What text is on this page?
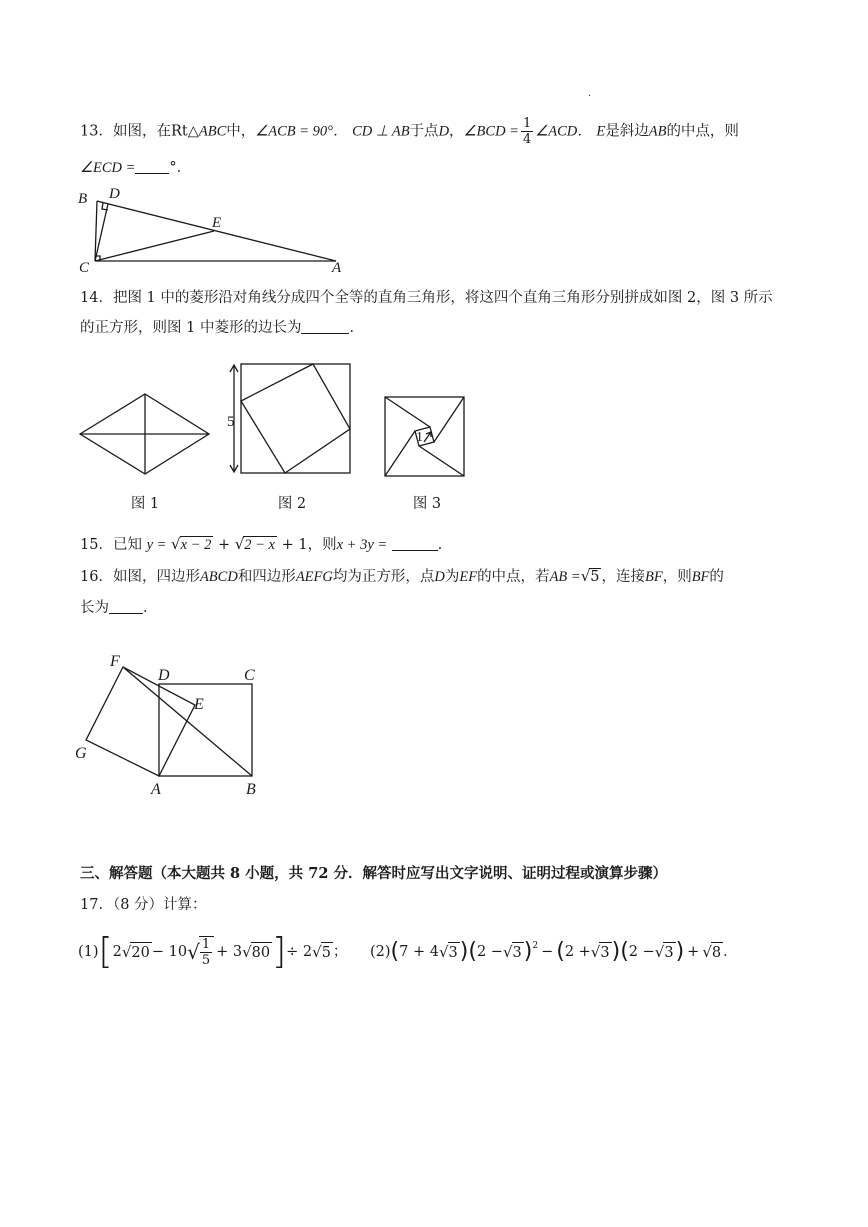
.
13．如图，在Rt△ABC中，∠ACB = 90°． CD ⊥ AB于点D，∠BCD = $\frac{1}{4}$ ∠ACD． E是斜边AB的中点，则
∠ECD = °．
B D
E
C	A
14．把图 1 中的菱形沿对角线分成四个全等的直角三角形，将这四个直角三角形分别拼成如图 2，图 3 所示
的正方形，则图 1 中菱形的边长为	．
5
1
图 1	图 2	图 3
15．已知 y = √x − 2 + √2 − x + 1，则x + 3y =	．
16．如图，四边形ABCD和四边形AEFG均为正方形，点D为EF的中点，若AB =√5 ，连接BF，则BF的
长为 ．
F
D	C
E
G
A	B
三、解答题（本大题共 8 小题，共 72 分．解答时应写出文字说明、证明过程或演算步骤）
17．（8 分）计算：
(1) [ 2 √ 20 − 10 √ $\frac{1}{5} + 3$ √ 80 ] ÷ 2 √ 5 ； (2) ( 7 + 4 √ 3 ) ( 2 − √ 3 )$^2$ − ( 2 + √ 3 ) ( 2 − √ 3 ) + √ 8 ．
